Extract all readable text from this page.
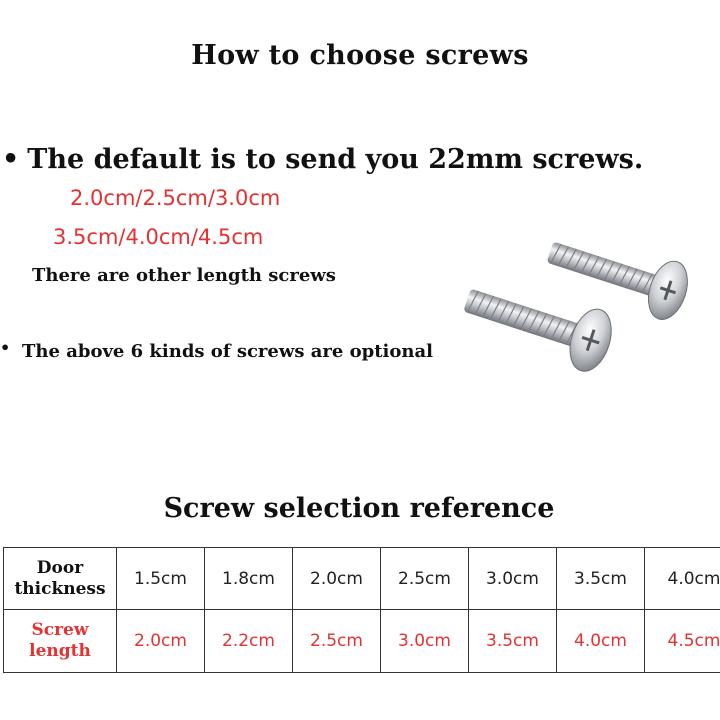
How to choose screws
• The default is to send you 22mm screws.
2.0cm/2.5cm/3.0cm
3.5cm/4.0cm/4.5cm
There are other length screws
• The above 6 kinds of screws are optional
Screw selection reference
Door
thickness	1.5cm	1.8cm	2.0cm	2.5cm	3.0cm	3.5cm	4.0cm
Screw
length	2.0cm	2.2cm	2.5cm	3.0cm	3.5cm	4.0cm	4.5cm
